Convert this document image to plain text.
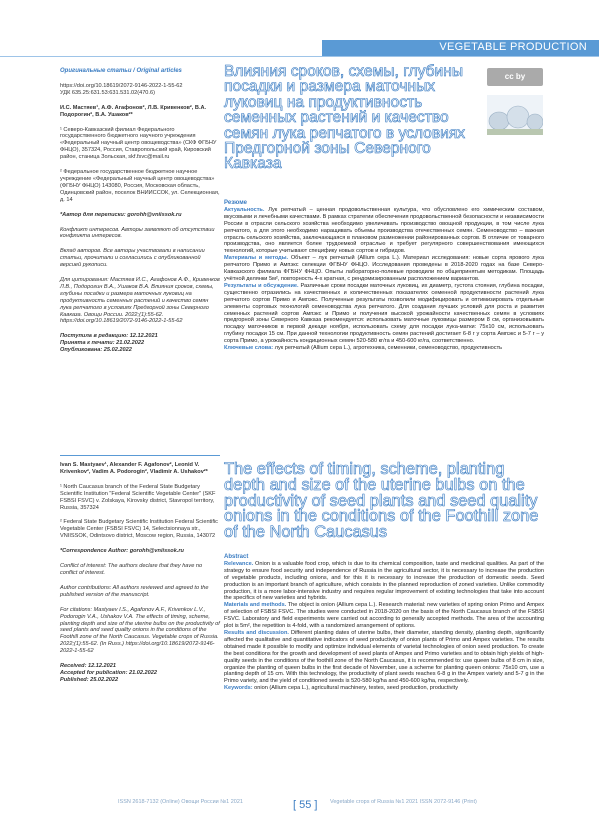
VEGETABLE PRODUCTION

Оригинальные статьи / Original articles

https://doi.org/10.18619/2072-9146-2022-1-55-62

УДК 635.25:631.53:631.531.02(470.6)

И.С. Мастяев¹, А.Ф. Агафонов², Л.В. Кривенков², В.А. Подорогин², В.А. Ушаков²*

¹ Северо-Кавказский филиал Федерального государственного бюджетного научного учреждения «Федеральный научный центр овощеводства» (СКФ ФГБНУ ФНЦО), 357324, Россия, Ставропольский край, Кировский район, станица Зольская, skf.fsvc@mail.ru

² Федеральное государственное бюджетное научное учреждение «Федеральный научный центр овощеводства» (ФГБНУ ФНЦО) 143080, Россия, Московская область, Одинцовский район, поселок ВНИИССОК, ул. Селекционная, д. 14

*Автор для переписки: gorohh@vniissok.ru

Конфликт интересов. Авторы заявляют об отсутствии конфликта интересов.

Вклад авторов. Все авторы участвовали в написании статьи, прочитали и согласились с опубликованной версией рукописи.

Для цитирования: Мастяев И.С., Агафонов А.Ф., Кривенков Л.В., Подорогин В.А., Ушаков В.А. Влияния сроков, схемы, глубины посадки и размера маточных луковиц на продуктивность семенных растений и качество семян лука репчатого в условиях Предгорной зоны Северного Кавказа. Овощи России. 2022;(1):55-62. https://doi.org/10.18619/2072-9146-2022-1-55-62

Поступила в редакцию: 12.12.2021

Принята к печати: 21.02.2022

Опубликована: 25.02.2022

Ivan S. Mastyaev¹, Alexander F. Agafonov², Leonid V. Krivenkov², Vadim A. Podorogin², Vladimir A. Ushakov²*

¹ North Caucasus branch of the Federal State Budgetary Scientific Institution "Federal Scientific Vegetable Center" (SKF FSBSI FSVC) v. Zolskaya, Kirovsky district, Stavropol territory, Russia, 357324

² Federal State Budgetary Scientific Institution Federal Scientific Vegetable Center (FSBSI FSVC) 14, Selectsionnaya str., VNIISSOK, Odintsovo district, Moscow region, Russia, 143072

*Correspondence Author: gorohh@vniissok.ru

Conflict of interest: The authors declare that they have no conflict of interest.

Author contributions: All authors reviewed and agreed to the published version of the manuscript.

For citations: Mastyaev I.S., Agafonov A.F., Krivenkov L.V., Podorogin V.A., Ushakov V.A. The effects of timing, scheme, planting depth and size of the uterine bulbs on the productivity of seed plants and seed quality onions in the conditions of the Foothill zone of the North Caucasus. Vegetable crops of Russia. 2022;(1):55-62. (In Russ.) https://doi.org/10.18619/2072-9146-2022-1-55-62

Received: 12.12.2021

Accepted for publication: 21.02.2022

Published: 25.02.2022

Влияния сроков, схемы, глубины посадки и размера маточных луковиц на продуктивность семенных растений и качество семян лука репчатого в условиях Предгорной зоны Северного Кавказа
cc by

Резюме

Актуальность. Лук репчатый – ценная продовольственная культура, что обусловлено его химическим составом, вкусовыми и лечебными качествами. В рамках стратегии обеспечения продовольственной безопасности и независимости России в отрасли сельского хозяйства необходимо увеличивать производство овощной продукции, в том числе лука репчатого, а для этого необходимо наращивать объемы производства отечественных семян. Семеноводство – важная отрасль сельского хозяйства, заключающаяся в плановом размножении районированных сортов. В отличие от товарного производства, оно является более трудоемкой отраслью и требует регулярного совершенствования имеющихся технологий, которые учитывают специфику новых сортов и гибридов.

Материалы и методы. Объект – лук репчатый (Allium cepa L.). Материал исследования: новые сорта ярового лука репчатого Примо и Ампэкс селекции ФГБНУ ФНЦО. Исследования проведены в 2018-2020 годах на базе Северо-Кавказского филиала ФГБНУ ФНЦО. Опыты лабораторно-полевые проводили по общепринятым методикам. Площадь учётной делянки 5м², повторность 4-х кратная, с рендомизированным расположением вариантов.

Результаты и обсуждение. Различные сроки посадки маточных луковиц, их диаметр, густота стояния, глубина посадки, существенно отразились на качественных и количественных показателях семенной продуктивности растений лука репчатого сортов Примо и Ампэкс. Полученные результаты позволили модифицировать и оптимизировать отдельные элементы сортовых технологий семеноводства лука репчатого. Для создания лучших условий для роста и развития семенных растений сортов Ампэкс и Примо и получения высокой урожайности качественных семян в условиях предгорной зоны Северного Кавказа рекомендуется: использовать маточные луковицы размером 8 см, организовывать посадку маточников в первой декаде ноября, использовать схему для посадки лука-матки: 75х10 см, использовать глубину посадки 15 см. При данной технологии продуктивность семян растений достигает 6-8 г у сорта Ампэкс и 5-7 г – у сорта Примо, а урожайность кондиционных семян 520-580 кг/га и 450-600 кг/га, соответственно.

Ключевые слова: лук репчатый (Allium cepa L.), агротехника, семенники, семеноводство, продуктивность

The effects of timing, scheme, planting depth and size of the uterine bulbs on the productivity of seed plants and seed quality onions in the conditions of the Foothill zone of the North Caucasus

Abstract

Relevance. Onion is a valuable food crop, which is due to its chemical composition, taste and medicinal qualities. As part of the strategy to ensure food security and independence of Russia in the agricultural sector, it is necessary to increase the production of vegetable products, including onions, and for this it is necessary to increase the production of domestic seeds. Seed production is an important branch of agriculture, which consists in the planned reproduction of zoned varieties. Unlike commodity production, it is a more labor-intensive industry and requires regular improvement of existing technologies that take into account the specifics of new varieties and hybrids.

Materials and methods. The object is onion (Allium cepa L.). Research material: new varieties of spring onion Primo and Ampex of selection of FSBSI FSVC. The studies were conducted in 2018-2020 on the basis of the North Caucasus branch of the FSBSI FSVC. Laboratory and field experiments were carried out according to generally accepted methods. The area of the accounting plot is 5m², the repetition is 4-fold, with a randomized arrangement of options.

Results and discussion. Different planting dates of uterine bulbs, their diameter, standing density, planting depth, significantly affected the qualitative and quantitative indicators of seed productivity of onion plants of Primo and Ampex varieties. The results obtained made it possible to modify and optimize individual elements of varietal technologies of onion seed production. To create the best conditions for the growth and development of seed plants of Ampex and Primo varieties and to obtain high yields of high-quality seeds in the conditions of the foothill zone of the North Caucasus, it is recommended to: use queen bulbs of 8 cm in size, organize the planting of queen bulbs in the first decade of November, use a scheme for planting queen onions: 75x10 cm, use a planting depth of 15 cm. With this technology, the productivity of plant seeds reaches 6-8 g in the Ampex variety and 5-7 g in the Primo variety, and the yield of conditioned seeds is 520-580 kg/ha and 450-600 kg/ha, respectively.

Keywords: onion (Allium cepa L.), agricultural machinery, testes, seed production, productivity

ISSN 2618-7132 (Online) Овощи России №1 2021	[ 55 ] Vegetable crops of Russia №1 2021 ISSN 2072-9146 (Print)
